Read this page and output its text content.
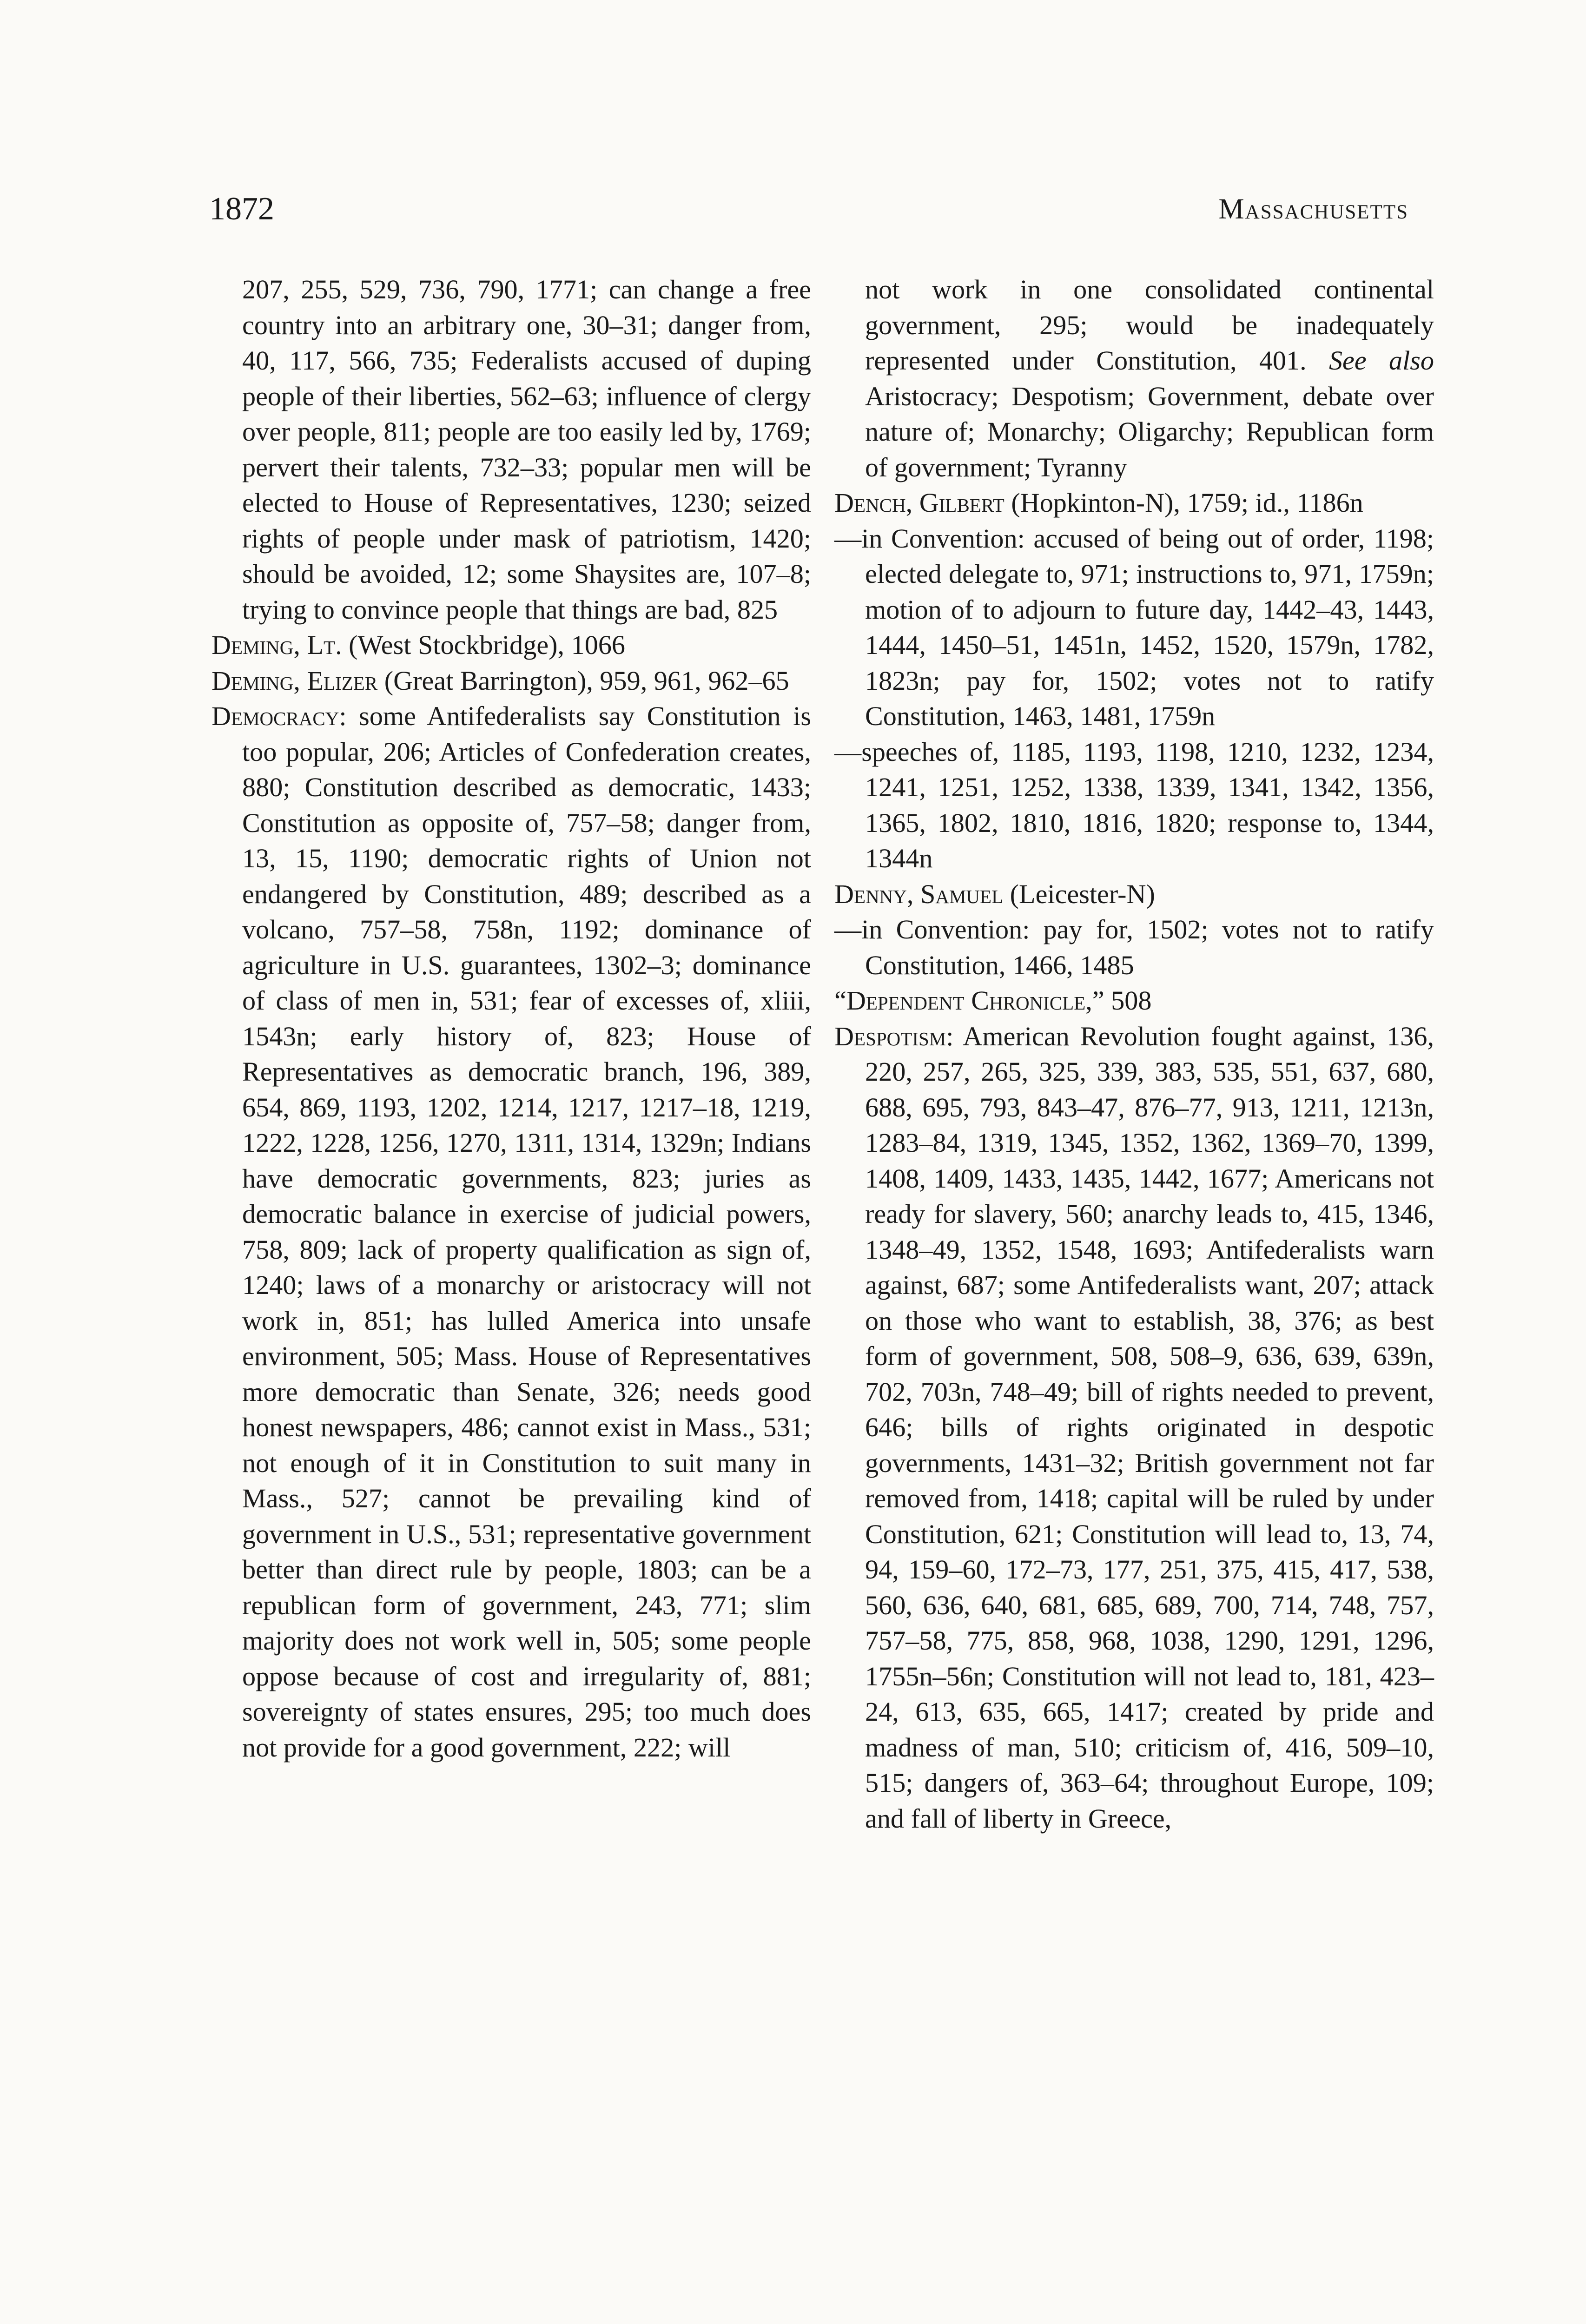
1872	Massachusetts

207, 255, 529, 736, 790, 1771; can change a free country into an arbitrary one, 30–31; danger from, 40, 117, 566, 735; Federalists accused of duping people of their liberties, 562–63; influence of clergy over people, 811; people are too easily led by, 1769; pervert their talents, 732–33; popular men will be elected to House of Representatives, 1230; seized rights of people under mask of patriotism, 1420; should be avoided, 12; some Shaysites are, 107–8; trying to convince people that things are bad, 825

Deming, Lt. (West Stockbridge), 1066

Deming, Elizer (Great Barrington), 959, 961, 962–65

Democracy: some Antifederalists say Constitution is too popular, 206; Articles of Confederation creates, 880; Constitution described as democratic, 1433; Constitution as opposite of, 757–58; danger from, 13, 15, 1190; democratic rights of Union not endangered by Constitution, 489; described as a volcano, 757–58, 758n, 1192; dominance of agriculture in U.S. guarantees, 1302–3; dominance of class of men in, 531; fear of excesses of, xliii, 1543n; early history of, 823; House of Representatives as democratic branch, 196, 389, 654, 869, 1193, 1202, 1214, 1217, 1217–18, 1219, 1222, 1228, 1256, 1270, 1311, 1314, 1329n; Indians have democratic governments, 823; juries as democratic balance in exercise of judicial powers, 758, 809; lack of property qualification as sign of, 1240; laws of a monarchy or aristocracy will not work in, 851; has lulled America into unsafe environment, 505; Mass. House of Representatives more democratic than Senate, 326; needs good honest newspapers, 486; cannot exist in Mass., 531; not enough of it in Constitution to suit many in Mass., 527; cannot be prevailing kind of government in U.S., 531; representative government better than direct rule by people, 1803; can be a republican form of government, 243, 771; slim majority does not work well in, 505; some people oppose because of cost and irregularity of, 881; sovereignty of states ensures, 295; too much does not provide for a good government, 222; will

not work in one consolidated continental government, 295; would be inadequately represented under Constitution, 401. See also Aristocracy; Despotism; Government, debate over nature of; Monarchy; Oligarchy; Republican form of government; Tyranny

Dench, Gilbert (Hopkinton-N), 1759; id., 1186n

—in Convention: accused of being out of order, 1198; elected delegate to, 971; instructions to, 971, 1759n; motion of to adjourn to future day, 1442–43, 1443, 1444, 1450–51, 1451n, 1452, 1520, 1579n, 1782, 1823n; pay for, 1502; votes not to ratify Constitution, 1463, 1481, 1759n

—speeches of, 1185, 1193, 1198, 1210, 1232, 1234, 1241, 1251, 1252, 1338, 1339, 1341, 1342, 1356, 1365, 1802, 1810, 1816, 1820; response to, 1344, 1344n

Denny, Samuel (Leicester-N)

—in Convention: pay for, 1502; votes not to ratify Constitution, 1466, 1485

“Dependent Chronicle,” 508

Despotism: American Revolution fought against, 136, 220, 257, 265, 325, 339, 383, 535, 551, 637, 680, 688, 695, 793, 843–47, 876–77, 913, 1211, 1213n, 1283–84, 1319, 1345, 1352, 1362, 1369–70, 1399, 1408, 1409, 1433, 1435, 1442, 1677; Americans not ready for slavery, 560; anarchy leads to, 415, 1346, 1348–49, 1352, 1548, 1693; Antifederalists warn against, 687; some Antifederalists want, 207; attack on those who want to establish, 38, 376; as best form of government, 508, 508–9, 636, 639, 639n, 702, 703n, 748–49; bill of rights needed to prevent, 646; bills of rights originated in despotic governments, 1431–32; British government not far removed from, 1418; capital will be ruled by under Constitution, 621; Constitution will lead to, 13, 74, 94, 159–60, 172–73, 177, 251, 375, 415, 417, 538, 560, 636, 640, 681, 685, 689, 700, 714, 748, 757, 757–58, 775, 858, 968, 1038, 1290, 1291, 1296, 1755n–56n; Constitution will not lead to, 181, 423–24, 613, 635, 665, 1417; created by pride and madness of man, 510; criticism of, 416, 509–10, 515; dangers of, 363–64; throughout Europe, 109; and fall of liberty in Greece,
